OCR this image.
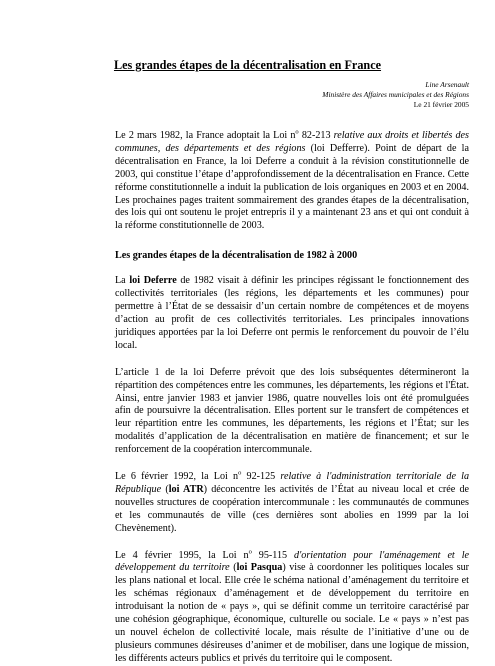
Les grandes étapes de la décentralisation en France
Line Arsenault
Ministère des Affaires municipales et des Régions
Le 21 février 2005

Le 2 mars 1982, la France adoptait la Loi $n^o$ 82-213 relative aux droits et libertés des communes, des départements et des régions (loi Defferre). Point de départ de la décentralisation en France, la loi Deferre a conduit à la révision constitutionnelle de 2003, qui constitue l’étape d’approfondissement de la décentralisation en France. Cette réforme constitutionnelle a induit la publication de lois organiques en 2003 et en 2004. Les prochaines pages traitent sommairement des grandes étapes de la décentralisation, des lois qui ont soutenu le projet entrepris il y a maintenant 23 ans et qui ont conduit à la réforme constitutionnelle de 2003.

Les grandes étapes de la décentralisation de 1982 à 2000

La loi Deferre de 1982 visait à définir les principes régissant le fonctionnement des collectivités territoriales (les régions, les départements et les communes) pour permettre à l’État de se dessaisir d’un certain nombre de compétences et de moyens d’action au profit de ces collectivités territoriales. Les principales innovations juridiques apportées par la loi Deferre ont permis le renforcement du pouvoir de l’élu local.

L’article 1 de la loi Deferre prévoit que des lois subséquentes détermineront la répartition des compétences entre les communes, les départements, les régions et l'État. Ainsi, entre janvier 1983 et janvier 1986, quatre nouvelles lois ont été promulguées afin de poursuivre la décentralisation. Elles portent sur le transfert de compétences et leur répartition entre les communes, les départements, les régions et l’État; sur les modalités d’application de la décentralisation en matière de financement; et sur le renforcement de la coopération intercommunale.

Le 6 février 1992, la Loi $n^o$ 92-125 relative à l'administration territoriale de la République (loi ATR) déconcentre les activités de l’État au niveau local et crée de nouvelles structures de coopération intercommunale : les communautés de communes et les communautés de ville (ces dernières sont abolies en 1999 par la loi Chevènement).

Le 4 février 1995, la Loi $n^o$ 95-115 d'orientation pour l'aménagement et le développement du territoire (loi Pasqua) vise à coordonner les politiques locales sur les plans national et local. Elle crée le schéma national d’aménagement du territoire et les schémas régionaux d’aménagement et de développement du territoire en introduisant la notion de « pays », qui se définit comme un territoire caractérisé par une cohésion géographique, économique, culturelle ou sociale. Le « pays » n’est pas un nouvel échelon de collectivité locale, mais résulte de l’initiative d’une ou de plusieurs communes désireuses d’animer et de mobiliser, dans une logique de mission, les différents acteurs publics et privés du territoire qui le composent.
